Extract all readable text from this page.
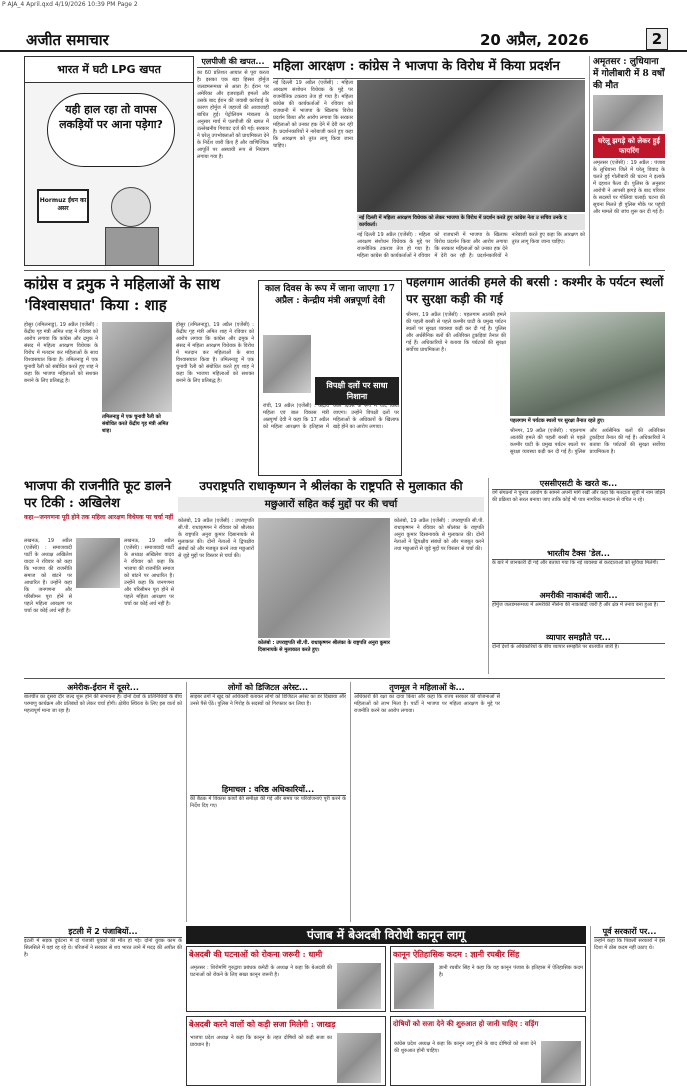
P AJA_4 April.qxd 4/19/2026 10:39 PM Page 2
अजीत समाचार	20 अप्रैल, 2026	2
भारत में घटी LPG खपत
यही हाल रहा तो वापस लकड़ियों पर आना पड़ेगा?
Hormuz ईंधन का असर
एलपीजी की खपत...
का 60 प्रतिशत आयात से पूरा करता है। इसका एक बड़ा हिस्सा होर्मुज जलडमरूमध्य से आता है। ईरान पर अमेरिका और इजराइली हमलों और उसके बाद ईरान की जवाबी कार्रवाई के कारण होर्मुज में जहाजों की आवाजाही बाधित हुई। पेट्रोलियम मंत्रालय के अनुसार मार्च में एलपीजी की खपत में उल्लेखनीय गिरावट दर्ज की गई। सरकार ने घरेलू उपभोक्ताओं को प्राथमिकता देने के निर्देश जारी किए हैं और वाणिज्यिक आपूर्ति पर अस्थायी रूप से नियंत्रण लगाया गया है।
महिला आरक्षण : कांग्रेस ने भाजपा के विरोध में किया प्रदर्शन
नई दिल्ली 19 अप्रैल (एजेंसी) : महिला आरक्षण संशोधन विधेयक के मुद्दे पर राजनीतिक टकराव तेज हो गया है। महिला कांग्रेस की कार्यकर्ताओं ने रविवार को राजधानी में भाजपा के खिलाफ विरोध प्रदर्शन किया और आरोप लगाया कि सरकार महिलाओं को उनका हक देने में देरी कर रही है। प्रदर्शनकारियों ने नारेबाजी करते हुए कहा कि आरक्षण को तुरंत लागू किया जाना चाहिए।
नई दिल्ली में महिला आरक्षण विधेयक को लेकर भाजपा के विरोध में प्रदर्शन करते हुए कांग्रेस नेता उ सचिव उनके द कार्यकर्ता।
नई दिल्ली 19 अप्रैल (एजेंसी) : महिला आरक्षण संशोधन विधेयक के मुद्दे पर राजनीतिक टकराव तेज हो गया है। महिला कांग्रेस की कार्यकर्ताओं ने रविवार को राजधानी में भाजपा के खिलाफ विरोध प्रदर्शन किया और आरोप लगाया कि सरकार महिलाओं को उनका हक देने में देरी कर रही है। प्रदर्शनकारियों ने नारेबाजी करते हुए कहा कि आरक्षण को तुरंत लागू किया जाना चाहिए।
अमृतसर : लुधियाना में गोलीबारी में 8 वर्षों की मौत
घरेलू झगड़े को लेकर हुई फायरिंग
अमृतसर (एजेंसी) : 19 अप्रैल : पंजाब के लुधियाना जिले में घरेलू विवाद के चलते हुई गोलीबारी की घटना ने इलाके में दहशत फैला दी। पुलिस के अनुसार आरोपी ने आपसी झगड़े के बाद परिवार के सदस्यों पर गोलियां चलाईं। घटना की सूचना मिलते ही पुलिस मौके पर पहुंची और मामले की जांच शुरू कर दी गई है।
कांग्रेस व द्रमुक ने महिलाओं के साथ 'विश्वासघात' किया : शाह
होसुर (तमिलनाडु), 19 अप्रैल (एजेंसी) : केंद्रीय गृह मंत्री अमित शाह ने रविवार को आरोप लगाया कि कांग्रेस और द्रमुक ने संसद में महिला आरक्षण विधेयक के विरोध में मतदान कर महिलाओं के साथ विश्वासघात किया है। तमिलनाडु में एक चुनावी रैली को संबोधित करते हुए शाह ने कहा कि भाजपा महिलाओं को सशक्त बनाने के लिए प्रतिबद्ध है।
तमिलनाडु में एक चुनावी रैली को संबोधित करते केंद्रीय गृह मंत्री अमित शाह।
होसुर (तमिलनाडु), 19 अप्रैल (एजेंसी) : केंद्रीय गृह मंत्री अमित शाह ने रविवार को आरोप लगाया कि कांग्रेस और द्रमुक ने संसद में महिला आरक्षण विधेयक के विरोध में मतदान कर महिलाओं के साथ विश्वासघात किया है। तमिलनाडु में एक चुनावी रैली को संबोधित करते हुए शाह ने कहा कि भाजपा महिलाओं को सशक्त बनाने के लिए प्रतिबद्ध है।
काल दिवस के रूप में जाना जाएगा 17 अप्रैल : केन्द्रीय मंत्री अन्नपूर्णा देवी
विपक्षी दलों पर साधा निशाना
रांची, 19 अप्रैल (एजेंसी) : केंद्रीय महिला एवं बाल विकास मंत्री अन्नपूर्णा देवी ने कहा कि 17 अप्रैल को महिला आरक्षण के इतिहास में काल दिवस के रूप में याद किया जाएगा। उन्होंने विपक्षी दलों पर महिलाओं के अधिकारों के खिलाफ खड़े होने का आरोप लगाया।
पहलगाम आतंकी हमले की बरसी : कश्मीर के पर्यटन स्थलों पर सुरक्षा कड़ी की गई
श्रीनगर, 19 अप्रैल (एजेंसी) : पहलगाम आतंकी हमले की पहली बरसी से पहले कश्मीर घाटी के प्रमुख पर्यटन स्थलों पर सुरक्षा व्यवस्था कड़ी कर दी गई है। पुलिस और अर्धसैनिक बलों की अतिरिक्त टुकड़ियां तैनात की गई हैं। अधिकारियों ने बताया कि पर्यटकों की सुरक्षा सर्वोच्च प्राथमिकता है।
पहलगाम में पर्यटक स्थलों पर सुरक्षा तैनात रहते हुए।
श्रीनगर, 19 अप्रैल (एजेंसी) : पहलगाम आतंकी हमले की पहली बरसी से पहले कश्मीर घाटी के प्रमुख पर्यटन स्थलों पर सुरक्षा व्यवस्था कड़ी कर दी गई है। पुलिस और अर्धसैनिक बलों की अतिरिक्त टुकड़ियां तैनात की गई हैं। अधिकारियों ने बताया कि पर्यटकों की सुरक्षा सर्वोच्च प्राथमिकता है।
भाजपा की राजनीति फूट डालने पर टिकी : अखिलेश
कहा—जनगणना पूरी होने तक महिला आरक्षण विधेयक पर चर्चा नहीं
लखनऊ, 19 अप्रैल (एजेंसी) : समाजवादी पार्टी के अध्यक्ष अखिलेश यादव ने रविवार को कहा कि भाजपा की राजनीति समाज को बांटने पर आधारित है। उन्होंने कहा कि जनगणना और परिसीमन पूरा होने से पहले महिला आरक्षण पर चर्चा का कोई अर्थ नहीं है।
लखनऊ, 19 अप्रैल (एजेंसी) : समाजवादी पार्टी के अध्यक्ष अखिलेश यादव ने रविवार को कहा कि भाजपा की राजनीति समाज को बांटने पर आधारित है। उन्होंने कहा कि जनगणना और परिसीमन पूरा होने से पहले महिला आरक्षण पर चर्चा का कोई अर्थ नहीं है।
उपराष्ट्रपति राधाकृष्णन ने श्रीलंका के राष्ट्रपति से मुलाकात की
मछुआरों सहित कई मुद्दों पर की चर्चा
कोलंबो, 19 अप्रैल (एजेंसी) : उपराष्ट्रपति सी.पी. राधाकृष्णन ने रविवार को श्रीलंका के राष्ट्रपति अनुरा कुमार दिसानायके से मुलाकात की। दोनों नेताओं ने द्विपक्षीय संबंधों को और मजबूत करने तथा मछुआरों से जुड़े मुद्दों पर विस्तार से चर्चा की।
कोलंबो : उपराष्ट्रपति सी.पी. राधाकृष्णन श्रीलंका के राष्ट्रपति अनुरा कुमार दिसानायके से मुलाकात करते हुए।
कोलंबो, 19 अप्रैल (एजेंसी) : उपराष्ट्रपति सी.पी. राधाकृष्णन ने रविवार को श्रीलंका के राष्ट्रपति अनुरा कुमार दिसानायके से मुलाकात की। दोनों नेताओं ने द्विपक्षीय संबंधों को और मजबूत करने तथा मछुआरों से जुड़े मुद्दों पर विस्तार से चर्चा की।
एससीएसटी के खरते क...
वर्ग संगठनों ने चुनाव आयोग के सामने अपनी मांगें रखीं और कहा कि मतदाता सूची में नाम जोड़ने की प्रक्रिया को सरल बनाया जाए ताकि कोई भी पात्र नागरिक मतदान से वंचित न रहे।
भारतीय टैक्स 'डेल...
के बारे में जानकारी दी गई और बताया गया कि नई व्यवस्था से करदाताओं को सुविधा मिलेगी।
अमरीकी नाकाबंदी जारी...
होर्मुज जलडमरूमध्य में अमरीकी नौसेना की नाकाबंदी जारी है और क्षेत्र में तनाव बना हुआ है।
व्यापार समझौते पर...
दोनों देशों के अधिकारियों के बीच व्यापार समझौते पर बातचीत जारी है।
अमेरीक-ईरान में दूसरे...
बातचीत का दूसरा दौर जल्द शुरू होने की संभावना है। दोनों देशों के प्रतिनिधियों के बीच परमाणु कार्यक्रम और प्रतिबंधों को लेकर चर्चा होगी। क्षेत्रीय स्थिरता के लिए इस वार्ता को महत्वपूर्ण माना जा रहा है।
लोगों को डिजिटल अरेस्ट...
साइबर ठगों ने खुद को अधिकारी बताकर लोगों को डिजिटल अरेस्ट का डर दिखाया और उनसे पैसे ऐंठे। पुलिस ने गिरोह के सदस्यों को गिरफ्तार कर लिया है।
हिमाचल : वरिष्ठ अधिकारियों...
की बैठक में विकास कार्यों की समीक्षा की गई और समय पर परियोजनाएं पूरी करने के निर्देश दिए गए।
तृणमूल ने महिलाओं के...
अधिकारों की रक्षा का दावा किया और कहा कि राज्य सरकार की योजनाओं से महिलाओं को लाभ मिला है। पार्टी ने भाजपा पर महिला आरक्षण के मुद्दे पर राजनीति करने का आरोप लगाया।
पंजाब में बेअदबी विरोधी कानून लागू
इटली में 2 पंजाबियों...
इटली में सड़क दुर्घटना में दो पंजाबी युवकों की मौत हो गई। दोनों युवक काम के सिलसिले में वहां रह रहे थे। परिजनों ने सरकार से शव भारत लाने में मदद की अपील की है।	बेअदबी की घटनाओं को रोकना जरूरी : धामी
अमृतसर : शिरोमणि गुरुद्वारा प्रबंधक कमेटी के अध्यक्ष ने कहा कि बेअदबी की घटनाओं को रोकने के लिए सख्त कानून जरूरी है।
कानून ऐतिहासिक कदम : ज्ञानी रघबीर सिंह
ज्ञानी रघबीर सिंह ने कहा कि यह कानून पंजाब के इतिहास में ऐतिहासिक कदम है।
बेअदबी करने वालों को कड़ी सजा मिलेगी : जाखड़
भाजपा प्रदेश अध्यक्ष ने कहा कि कानून के तहत दोषियों को कड़ी सजा का प्रावधान है।
दोषियों को सजा देने की शुरुआत हो जानी चाहिए : वड़िंग
कांग्रेस प्रदेश अध्यक्ष ने कहा कि कानून लागू होने के बाद दोषियों को सजा देने की शुरुआत होनी चाहिए।
पूर्व सरकारों पर...
उन्होंने कहा कि पिछली सरकारों ने इस दिशा में ठोस कदम नहीं उठाए थे।
